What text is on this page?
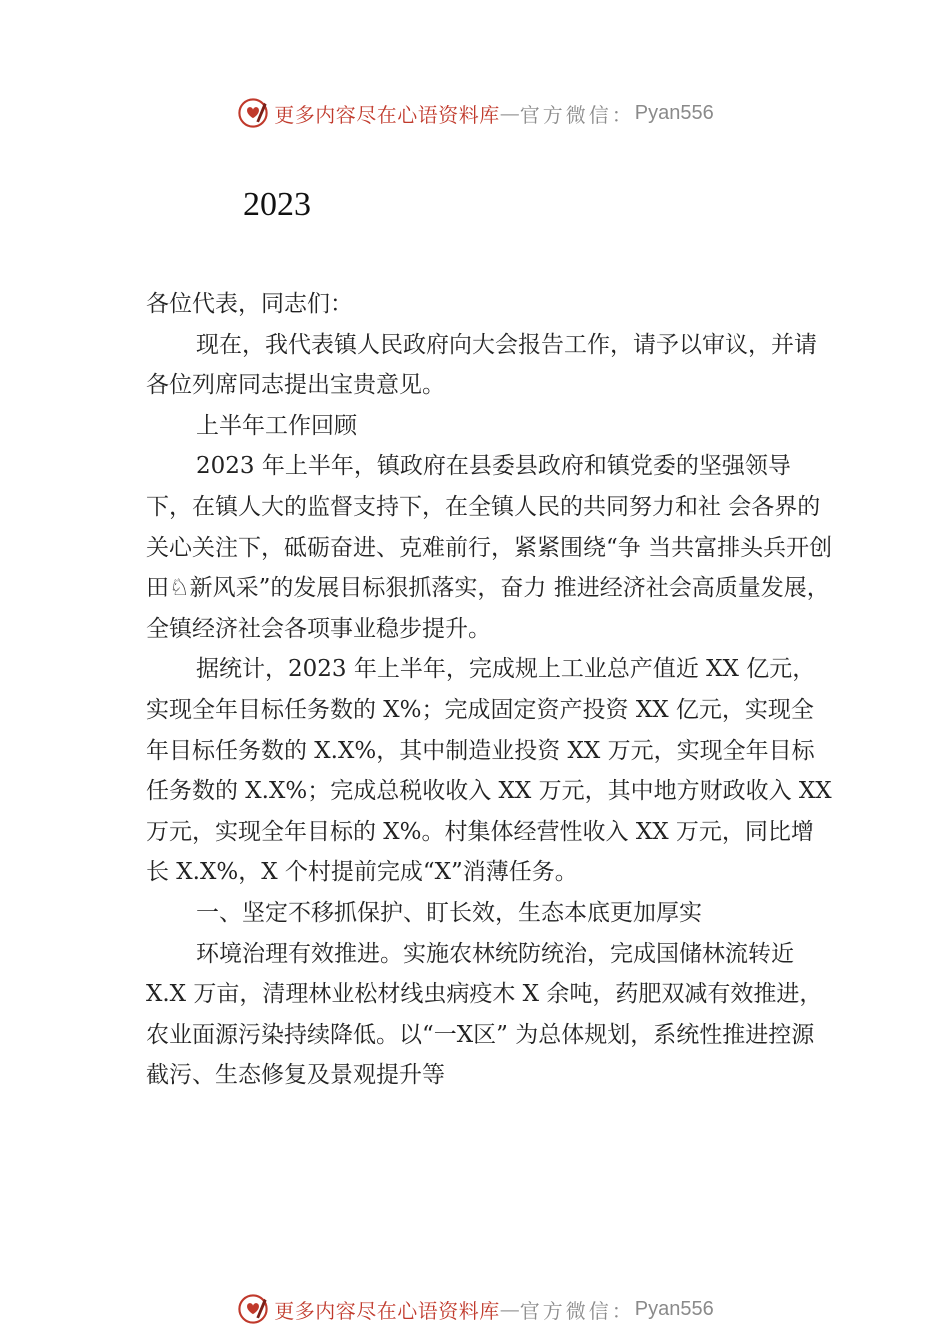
更多内容尽在心语资料库 — 官方微信： Pyan556
2023

各位代表，同志们：

现在，我代表镇人民政府向大会报告工作，请予以审议，并请各位列席同志提出宝贵意见。

上半年工作回顾

2023 年上半年，镇政府在县委县政府和镇党委的坚强领导下，在镇人大的监督支持下，在全镇人民的共同努力和社 会各界的关心关注下，砥砺奋进、克难前行，紧紧围绕“争 当共富排头兵开创田♘新风采”的发展目标狠抓落实，奋力 推进经济社会高质量发展，全镇经济社会各项事业稳步提升。

据统计，2023 年上半年，完成规上工业总产值近 XX 亿元，实现全年目标任务数的 X%；完成固定资产投资 XX 亿元，实现全年目标任务数的 X.X%，其中制造业投资 XX 万元，实现全年目标任务数的 X.X%；完成总税收收入 XX 万元，其中地方财政收入 XX 万元，实现全年目标的 X%。村集体经营性收入 XX 万元，同比增长 X.X%，X 个村提前完成“X”消薄任务。

一、坚定不移抓保护、盯长效，生态本底更加厚实

环境治理有效推进。实施农林统防统治，完成国储林流转近 X.X 万亩，清理林业松材线虫病疫木 X 余吨，药肥双减有效推进，农业面源污染持续降低。以“一Ⅹ区” 为总体规划，系统性推进控源截污、生态修复及景观提升等

更多内容尽在心语资料库 — 官方微信： Pyan556
